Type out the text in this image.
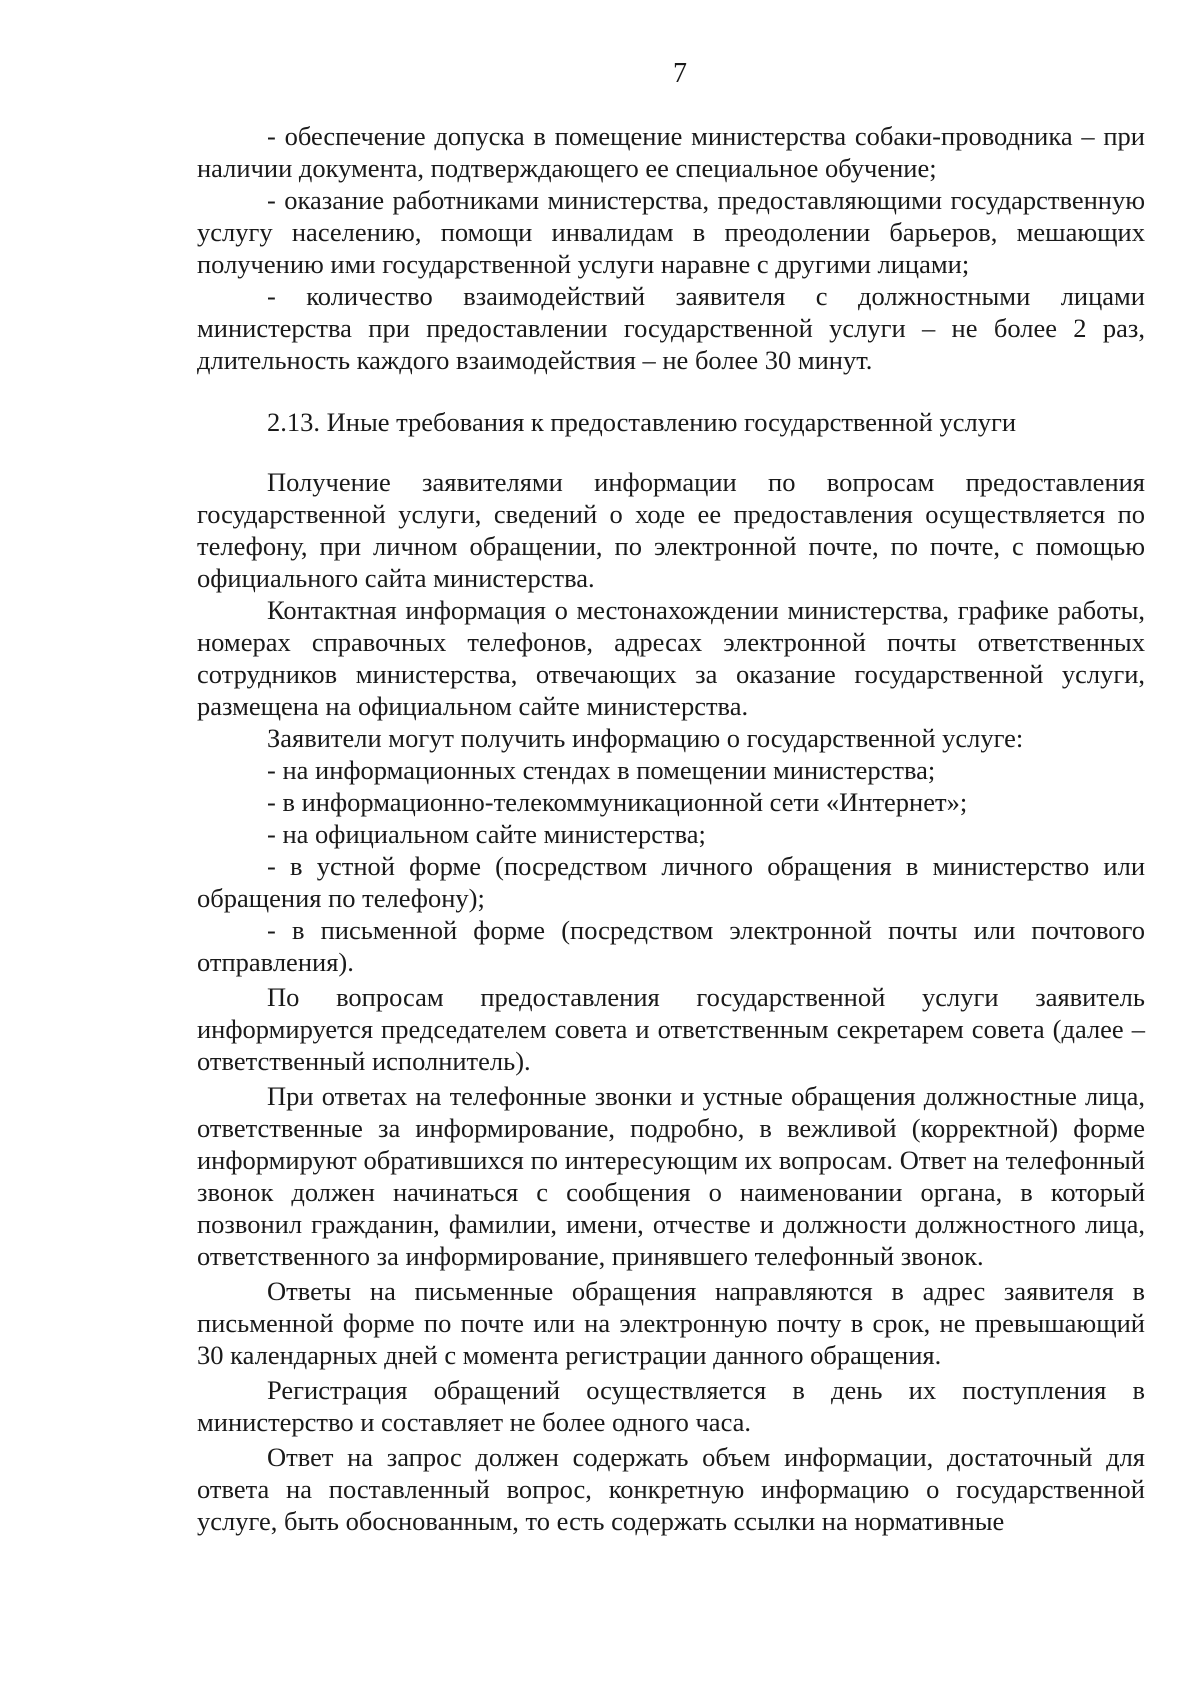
7

- обеспечение допуска в помещение министерства собаки-проводника – при наличии документа, подтверждающего ее специальное обучение;

- оказание работниками министерства, предоставляющими государственную услугу населению, помощи инвалидам в преодолении барьеров, мешающих получению ими государственной услуги наравне с другими лицами;

- количество взаимодействий заявителя с должностными лицами министерства при предоставлении государственной услуги – не более 2 раз, длительность каждого взаимодействия – не более 30 минут.

2.13. Иные требования к предоставлению государственной услуги

Получение заявителями информации по вопросам предоставления государственной услуги, сведений о ходе ее предоставления осуществляется по телефону, при личном обращении, по электронной почте, по почте, с помощью официального сайта министерства.

Контактная информация о местонахождении министерства, графике работы, номерах справочных телефонов, адресах электронной почты ответственных сотрудников министерства, отвечающих за оказание государственной услуги, размещена на официальном сайте министерства.

Заявители могут получить информацию о государственной услуге:

- на информационных стендах в помещении министерства;

- в информационно-телекоммуникационной сети «Интернет»;

- на официальном сайте министерства;

- в устной форме (посредством личного обращения в министерство или обращения по телефону);

- в письменной форме (посредством электронной почты или почтового отправления).

По вопросам предоставления государственной услуги заявитель информируется председателем совета и ответственным секретарем совета (далее – ответственный исполнитель).

При ответах на телефонные звонки и устные обращения должностные лица, ответственные за информирование, подробно, в вежливой (корректной) форме информируют обратившихся по интересующим их вопросам. Ответ на телефонный звонок должен начинаться с сообщения о наименовании органа, в который позвонил гражданин, фамилии, имени, отчестве и должности должностного лица, ответственного за информирование, принявшего телефонный звонок.

Ответы на письменные обращения направляются в адрес заявителя в письменной форме по почте или на электронную почту в срок, не превышающий 30 календарных дней с момента регистрации данного обращения.

Регистрация обращений осуществляется в день их поступления в министерство и составляет не более одного часа.

Ответ на запрос должен содержать объем информации, достаточный для ответа на поставленный вопрос, конкретную информацию о государственной услуге, быть обоснованным, то есть содержать ссылки на нормативные
